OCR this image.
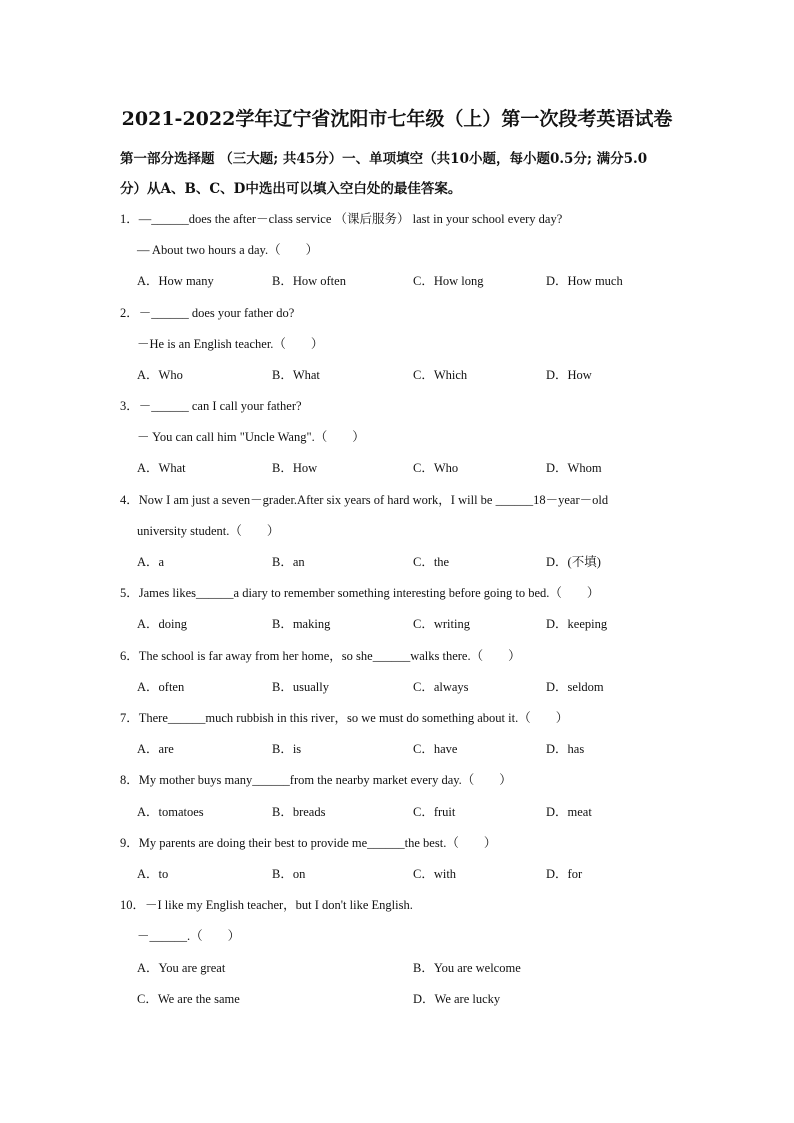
2021-2022学年辽宁省沈阳市七年级（上）第一次段考英语试卷
第一部分选择题 （三大题; 共45分）一、单项填空（共10小题，每小题0.5分; 满分5.0
分）从A、B、C、D中选出可以填入空白处的最佳答案。
1．—______does the after－class service （课后服务） last in your school every day?
— About two hours a day.（　　）
A．How many	B．How often	C．How long	D．How much
2．－______ does your father do?
－He is an English teacher.（　　）
A．Who	B．What	C．Which	D．How
3．－______ can I call your father?
－ You can call him "Uncle Wang".（　　）
A．What	B．How	C．Who	D．Whom
4．Now I am just a seven－grader.After six years of hard work，I will be ______18－year－old
university student.（　　）
A．a	B．an	C．the	D．(不填)
5．James likes______a diary to remember something interesting before going to bed.（　　）
A．doing	B．making	C．writing	D．keeping
6．The school is far away from her home，so she______walks there.（　　）
A．often	B．usually	C．always	D．seldom
7．There______much rubbish in this river，so we must do something about it.（　　）
A．are	B．is	C．have	D．has
8．My mother buys many______from the nearby market every day.（　　）
A．tomatoes	B．breads	C．fruit	D．meat
9．My parents are doing their best to provide me______the best.（　　）
A．to	B．on	C．with	D．for
10．－I like my English teacher，but I don't like English.
－______.（　　）
A．You are great	B．You are welcome
C．We are the same	D．We are lucky
